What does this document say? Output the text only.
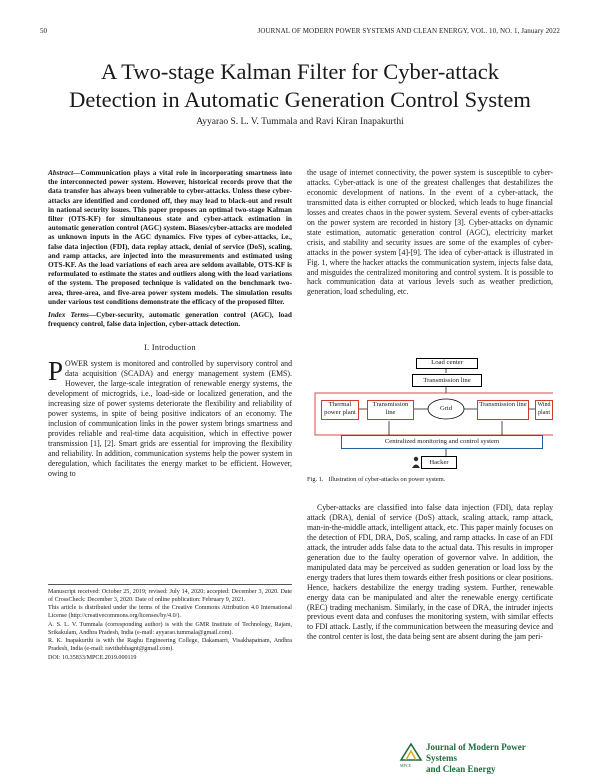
50	JOURNAL OF MODERN POWER SYSTEMS AND CLEAN ENERGY, VOL. 10, NO. 1, January 2022
A Two-stage Kalman Filter for Cyber-attack
Detection in Automatic Generation Control System
Ayyarao S. L. V. Tummala and Ravi Kiran Inapakurthi

Abstract—Communication plays a vital role in incorporating smartness into the interconnected power system. However, historical records prove that the data transfer has always been vulnerable to cyber-attacks. Unless these cyber-attacks are identified and cordoned off, they may lead to black-out and result in national security issues. This paper proposes an optimal two-stage Kalman filter (OTS-KF) for simultaneous state and cyber-attack estimation in automatic generation control (AGC) system. Biases/cyber-attacks are modeled as unknown inputs in the AGC dynamics. Five types of cyber-attacks, i.e., false data injection (FDI), data replay attack, denial of service (DoS), scaling, and ramp attacks, are injected into the measurements and estimated using OTS-KF. As the load variations of each area are seldom available, OTS-KF is reformulated to estimate the states and outliers along with the load variations of the system. The proposed technique is validated on the benchmark two-area, three-area, and five-area power system models. The simulation results under various test conditions demonstrate the efficacy of the proposed filter.

Index Terms—Cyber-security, automatic generation control (AGC), load frequency control, false data injection, cyber-attack detection.

I. Introduction

POWER system is monitored and controlled by supervisory control and data acquisition (SCADA) and energy management system (EMS). However, the large-scale integration of renewable energy systems, the development of microgrids, i.e., load-side or localized generation, and the increasing size of power systems deteriorate the flexibility and reliability of power systems, in spite of being positive indicators of an economy. The inclusion of communication links in the power system brings smartness and provides reliable and real-time data acquisition, which in effective power transmission [1], [2]. Smart grids are essential for improving the flexibility and reliability. In addition, communication systems help the power system in deregulation, which facilitates the energy market to be efficient. However, owing to

Manuscript received: October 25, 2019; revised: July 14, 2020; accepted: December 3, 2020. Date of CrossCheck: December 3, 2020. Date of online publication: February 9, 2021.

This article is distributed under the terms of the Creative Commons Attribution 4.0 International License (http://creativecommons.org/licenses/by/4.0/).

A. S. L. V. Tummala (corresponding author) is with the GMR Institute of Technology, Rajam, Srikakulam, Andhra Pradesh, India (e-mail: ayyarao.tummala@gmail.com).

R. K. Inapakurthi is with the Raghu Engineering College, Dakamarri, Visakhapatnam, Andhra Pradesh, India (e-mail: ravithebhagnt@gmail.com).

DOI: 10.35833/MPCE.2019.000119

the usage of internet connectivity, the power system is susceptible to cyber-attacks. Cyber-attack is one of the greatest challenges that destabilizes the economic development of nations. In the event of a cyber-attack, the transmitted data is either corrupted or blocked, which leads to huge financial losses and creates chaos in the power system. Several events of cyber-attacks on the power system are recorded in history [3]. Cyber-attacks on dynamic state estimation, automatic generation control (AGC), electricity market crisis, and stability and security issues are some of the examples of cyber-attacks in the power system [4]-[9]. The idea of cyber-attack is illustrated in Fig. 1, where the hacker attacks the communication system, injects false data, and misguides the centralized monitoring and control system. It is possible to hack communication data at various levels such as weather prediction, generation, load scheduling, etc.

Load center
Transmission line
Thermal power plant
Transmission line
Grid
Transmission line	Wind plant
Centralized monitoring and control system
Hacker
Fig. 1. Illustration of cyber-attacks on power system.

Cyber-attacks are classified into false data injection (FDI), data replay attack (DRA), denial of service (DoS) attack, scaling attack, ramp attack, man-in-the-middle attack, intelligent attack, etc. This paper mainly focuses on the detection of FDI, DRA, DoS, scaling, and ramp attacks. In case of an FDI attack, the intruder adds false data to the actual data. This results in improper generation due to the faulty operation of governor valve. In addition, the manipulated data may be perceived as sudden generation or load loss by the energy traders that lures them towards either fresh positions or clear positions. Hence, hackers destabilize the energy trading system. Further, renewable energy data can be manipulated and alter the renewable energy certificate (REC) trading mechanism. Similarly, in the case of DRA, the intruder injects previous event data and confuses the monitoring system, with similar effects to FDI attack. Lastly, if the communication between the measuring device and the control center is lost, the data being sent are absent during the jam peri-

Journal of Modern Power Systems
and Clean Energy
MPCE
